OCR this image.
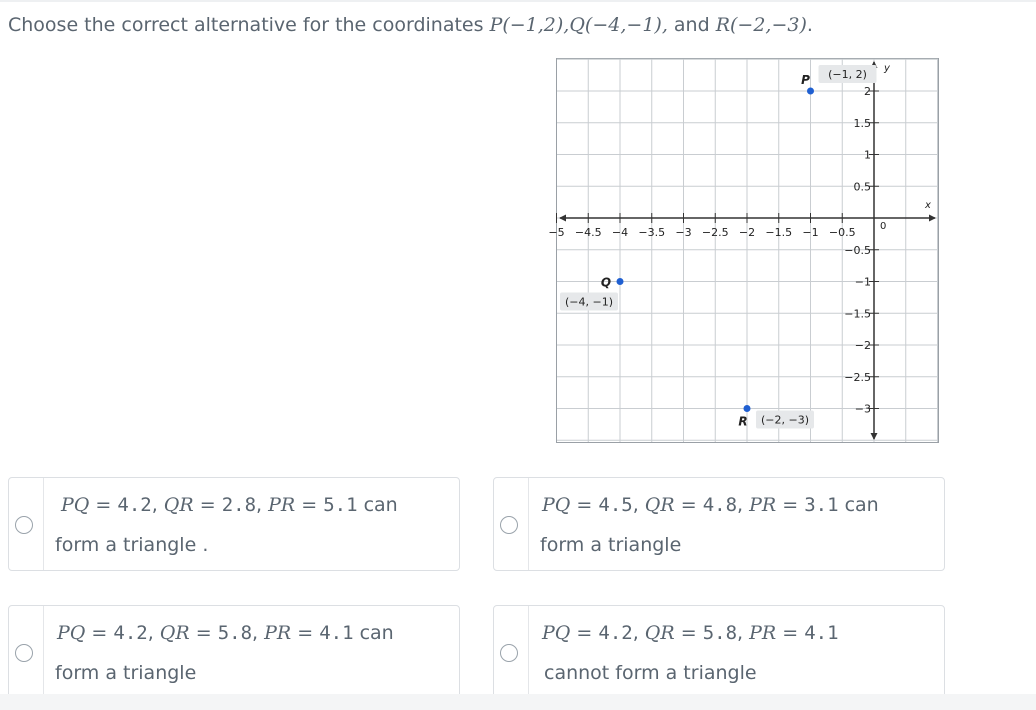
Choose the correct alternative for the coordinates P(−1,2),Q(−4,−1), and R(−2,−3).
x
y
0
−5 −4.5 −4 −3.5 −3 −2.5 −2 −1.5 −1 −0.5
2
1.5
1
0.5
−0.5
−1
−1.5
−2
−2.5
−3
P (−1, 2)
Q
(−4, −1)
R (−2, −3)
PQ = 4.2, QR = 2.8, PR = 5.1 can
form a triangle .
PQ = 4.5, QR = 4.8, PR = 3.1 can
form a triangle
PQ = 4.2, QR = 5.8, PR = 4.1 can
form a triangle
PQ = 4.2, QR = 5.8, PR = 4.1
cannot form a triangle
